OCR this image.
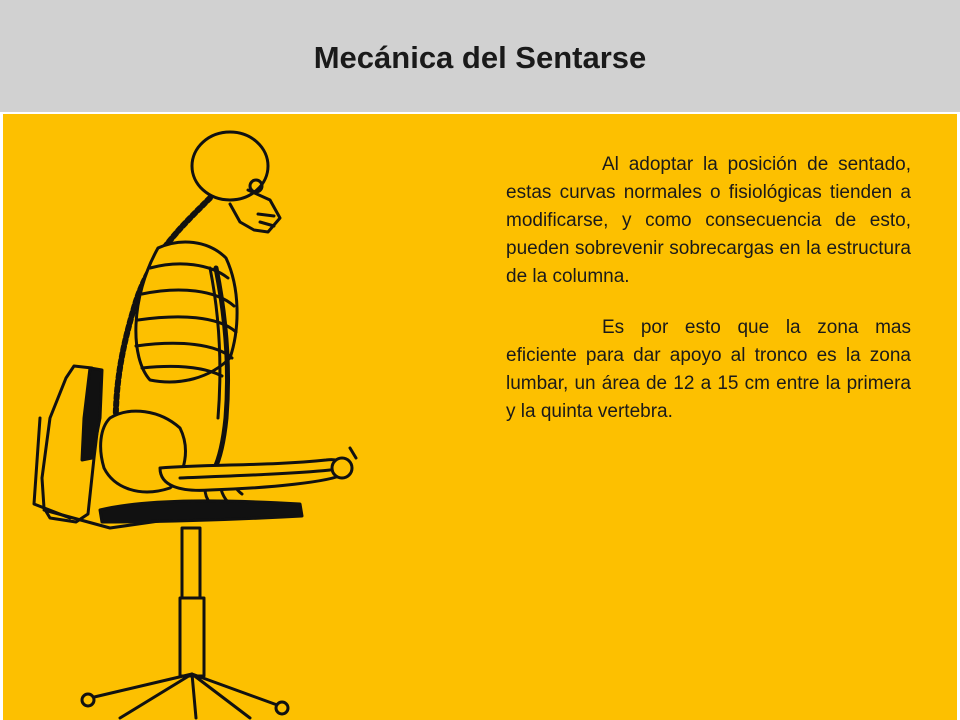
Mecánica del Sentarse

Al adoptar la posición de sentado, estas curvas normales o fisiológicas tienden a modificarse, y como consecuencia de esto, pueden sobrevenir sobrecargas en la estructura de la columna.

Es por esto que la zona mas eficiente para dar apoyo al tronco es la zona lumbar, un área de 12 a 15 cm entre la primera y la quinta vertebra.
